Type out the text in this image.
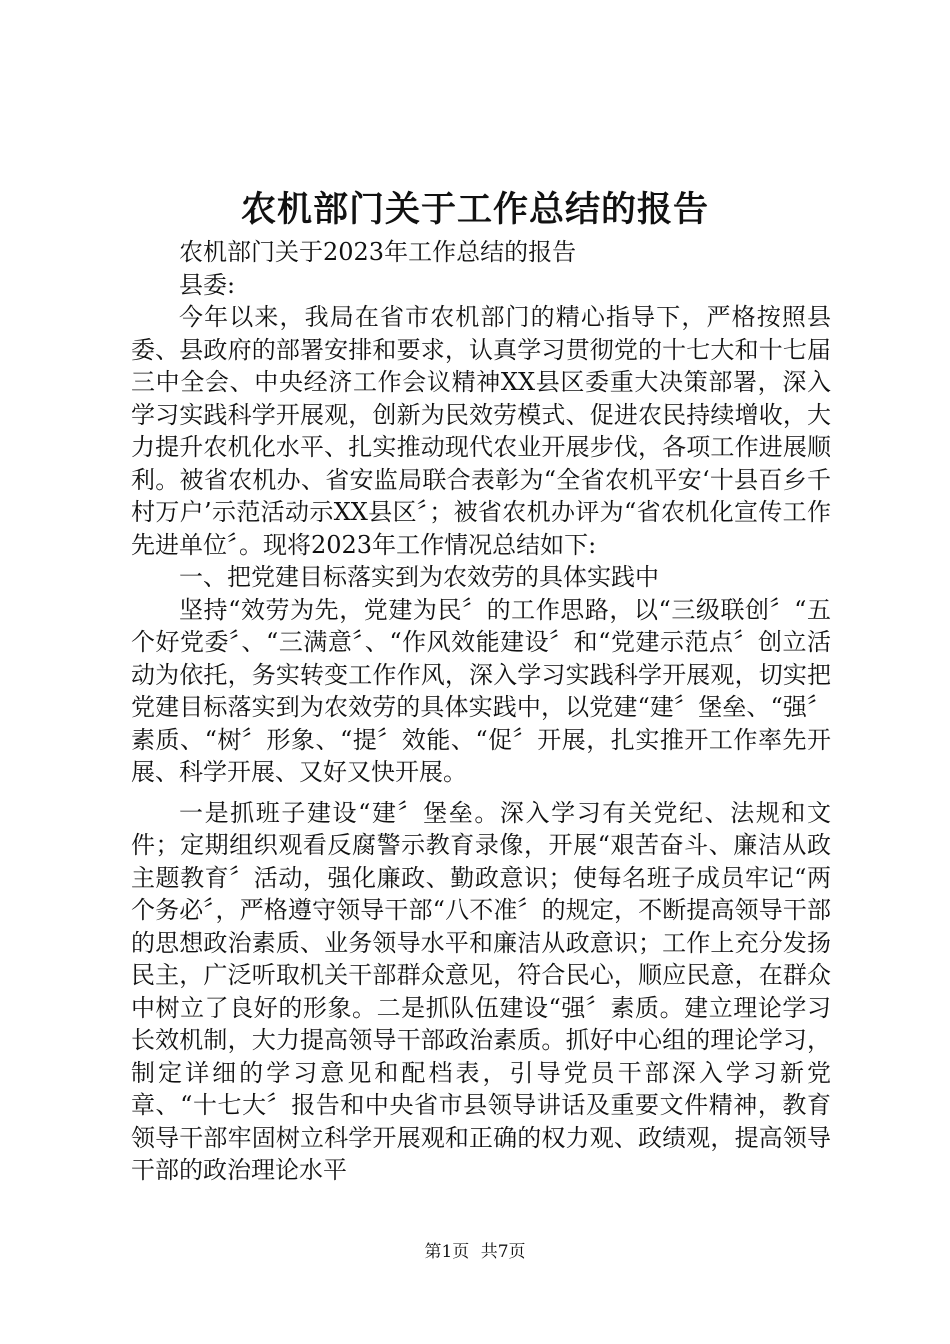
农机部门关于工作总结的报告

农机部门关于2023年工作总结的报告

县委:

今年以来，我局在省市农机部门的精心指导下，严格按照县委、县政府的部署安排和要求，认真学习贯彻党的十七大和十七届三中全会、中央经济工作会议精神XX县区委重大决策部署，深入学习实践科学开展观，创新为民效劳模式、促进农民持续增收，大力提升农机化水平、扎实推动现代农业开展步伐，各项工作进展顺利。被省农机办、省安监局联合表彰为“全省农机平安‘十县百乡千村万户’示范活动示XX县区〞；被省农机办评为“省农机化宣传工作先进单位〞。现将2023年工作情况总结如下:

一、把党建目标落实到为农效劳的具体实践中

坚持“效劳为先，党建为民〞的工作思路，以“三级联创〞“五个好党委〞、“三满意〞、“作风效能建设〞和“党建示范点〞创立活动为依托，务实转变工作作风，深入学习实践科学开展观，切实把党建目标落实到为农效劳的具体实践中，以党建“建〞堡垒、“强〞素质、“树〞形象、“提〞效能、“促〞开展，扎实推开工作率先开展、科学开展、又好又快开展。

一是抓班子建设“建〞堡垒。深入学习有关党纪、法规和文件；定期组织观看反腐警示教育录像，开展“艰苦奋斗、廉洁从政主题教育〞活动，强化廉政、勤政意识；使每名班子成员牢记“两个务必〞，严格遵守领导干部“八不准〞的规定，不断提高领导干部的思想政治素质、业务领导水平和廉洁从政意识；工作上充分发扬民主，广泛听取机关干部群众意见，符合民心，顺应民意，在群众中树立了良好的形象。二是抓队伍建设“强〞素质。建立理论学习长效机制，大力提高领导干部政治素质。抓好中心组的理论学习，制定详细的学习意见和配档表，引导党员干部深入学习新党章、“十七大〞报告和中央省市县领导讲话及重要文件精神，教育领导干部牢固树立科学开展观和正确的权力观、政绩观，提高领导干部的政治理论水平

第1页 共7页
